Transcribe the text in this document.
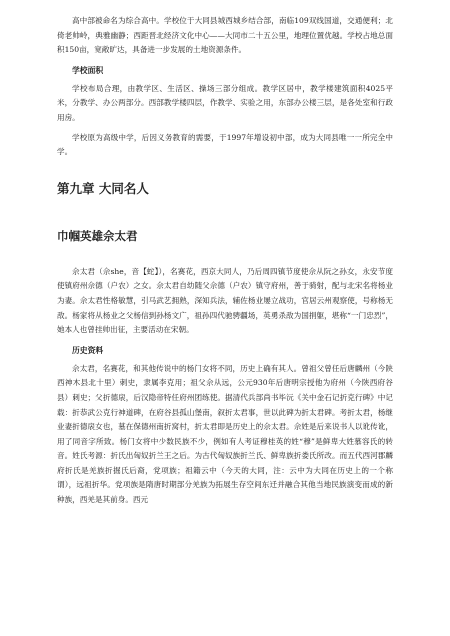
高中部被命名为综合高中。学校位于大同县城西城乡结合部，南临109双线国道，交通便利；北倚老帅岭，典雅幽静；西距晋北经济文化中心——大同市二十五公里，地理位置优越。学校占地总面积150亩，宽敞旷达，具备进一步发展的土地资源条件。

学校面积

学校布局合理，由教学区、生活区、操场三部分组成。教学区居中，教学楼建筑面积4025平米，分教学、办公两部分。西部教学楼四层，作教学、实验之用，东部办公楼三层，是各处室和行政用房。

学校原为高级中学，后因义务教育的需要，于1997年增设初中部，成为大同县唯一一所完全中学。

第九章 大同名人
巾帼英雄佘太君

佘太君（佘she，音【蛇】），名赛花，西京大同人，乃后周四镇节度使佘从阮之孙女，永安节度使镇府州佘德（户农）之女。佘太君自幼随父佘德（户农）镇守府州，善于骑射，配与北宋名将杨业为妻。佘太君性格敏慧，引马武艺拥熟，深知兵法，辅佐杨业屡立战功，官居云州观察使，号称杨无敌。杨家将从杨业之父杨信到孙杨文广，祖孙四代驰骋疆场，英勇杀敌为国捐躯，堪称“一门忠烈”，她本人也曾挂帅出征，主要活动在宋朝。

历史资料

佘太君，名赛花，和其他传说中的杨门女将不同，历史上确有其人。曾祖父曾任后唐麟州（今陕西神木县北十里）刺史，隶属李克用；祖父佘从远，公元930年后唐明宗授他为府州（今陕西府谷县）刺史；父折德扆，后汉隐帝特任府州团练使。据清代兵部尚书毕沅《关中金石记折克行碑》中记载：折恭武公克行神道碑，在府谷县孤山堡南，叙折太君事，世以此碑为折太君碑。考折太君，杨继业妻折德扆女也，墓在保德州南折窝村，折太君即是历史上的佘太君。佘姓是后来说书人以讹传讹，用了同音字所致。杨门女将中少数民族不少，例如有人考证穆桂英的姓“穆”是鲜卑大姓慕容氏的转音。姓氏考源：折氏出匈奴折兰王之后。为古代匈奴族折兰氏、鲜卑族折娄氏所改。而五代西河郡麟府折氏是羌族折掘氏后裔，党项族；祖籍云中（今天的大同，注：云中为大同在历史上的一个称谓），远祖折华。党项族是隋唐时期部分羌族为拓展生存空间东迁并融合其他当地民族演变而成的新种族，西羌是其前身。西元
